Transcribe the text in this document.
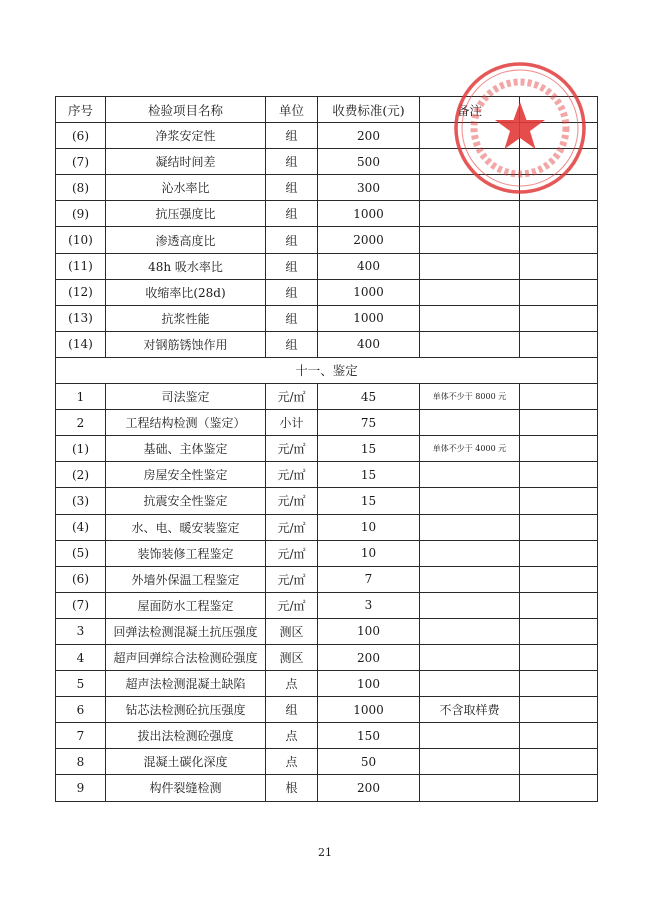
序号	检验项目名称	单位	收费标准(元)	备注	
(6)	净浆安定性	组	200		
(7)	凝结时间差	组	500		
(8)	沁水率比	组	300		
(9)	抗压强度比	组	1000		
(10)	渗透高度比	组	2000		
(11)	48h 吸水率比	组	400		
(12)	收缩率比(28d)	组	1000		
(13)	抗浆性能	组	1000		
(14)	对钢筋锈蚀作用	组	400		
十一、鉴定					
1	司法鉴定	元/㎡	45	单体不少于 8000 元	
2	工程结构检测（鉴定）	小计	75		
(1)	基础、主体鉴定	元/㎡	15	单体不少于 4000 元	
(2)	房屋安全性鉴定	元/㎡	15		
(3)	抗震安全性鉴定	元/㎡	15		
(4)	水、电、暖安装鉴定	元/㎡	10		
(5)	装饰装修工程鉴定	元/㎡	10		
(6)	外墙外保温工程鉴定	元/㎡	7		
(7)	屋面防水工程鉴定	元/㎡	3		
3	回弹法检测混凝土抗压强度	测区	100		
4	超声回弹综合法检测砼强度	测区	200		
5	超声法检测混凝土缺陷	点	100		
6	钻芯法检测砼抗压强度	组	1000	不含取样费	
7	拔出法检测砼强度	点	150		
8	混凝土碳化深度	点	50		
9	构件裂缝检测	根	200		
21
